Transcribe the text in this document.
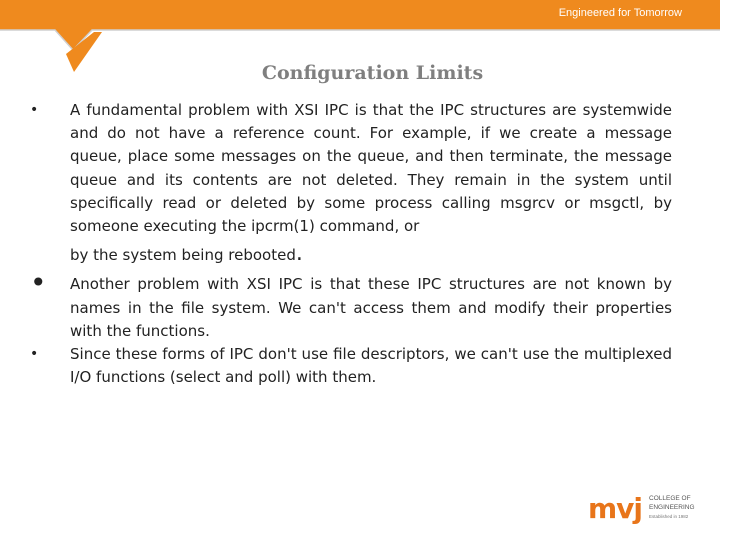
Engineered for Tomorrow
Configuration Limits
• A fundamental problem with XSI IPC is that the IPC structures are systemwide and do not have a reference count. For example, if we create a message queue, place some messages on the queue, and then terminate, the message queue and its contents are not deleted. They remain in the system until specifically read or deleted by some process calling msgrcv or msgctl, by someone executing the ipcrm(1) command, or
by the system being rebooted.
• Another problem with XSI IPC is that these IPC structures are not known by names in the file system. We can't access them and modify their properties with the functions.
• Since these forms of IPC don't use file descriptors, we can't use the multiplexed I/O functions (select and poll) with them.
mvj COLLEGE OF
ENGINEERING
Established in 1982
